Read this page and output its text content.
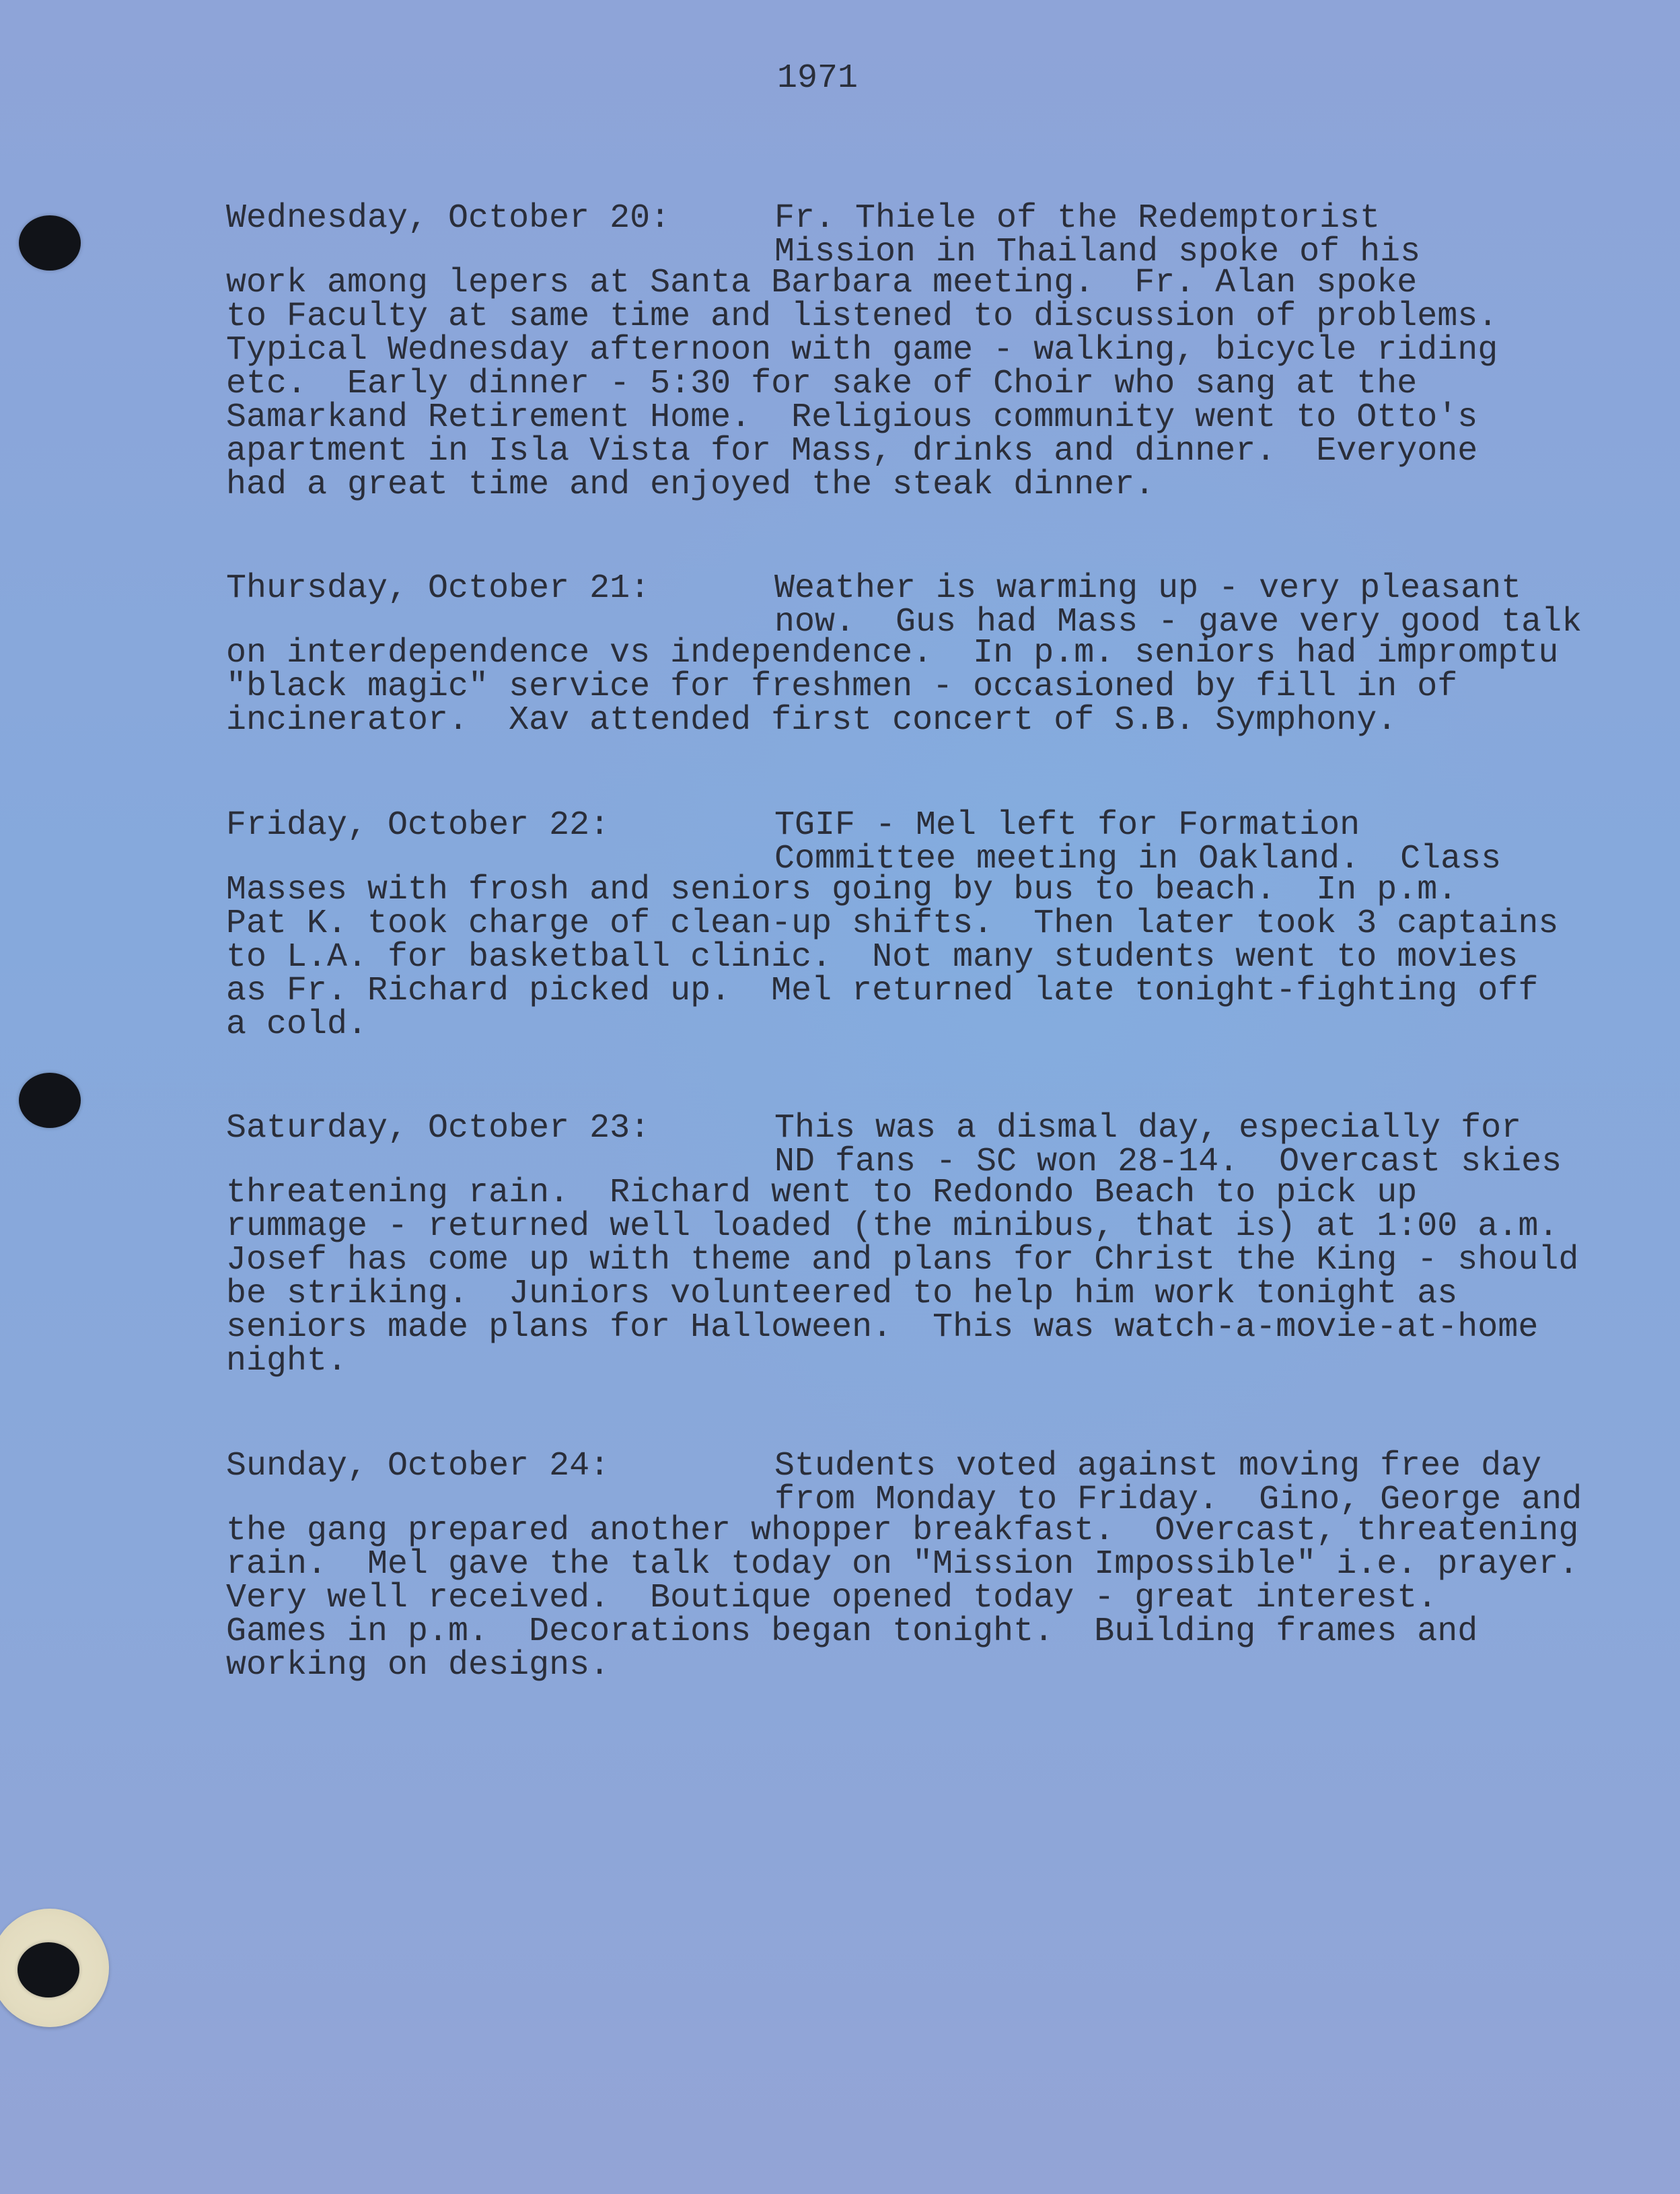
1971
Wednesday, October 20:	Fr. Thiele of the Redemptorist
Mission in Thailand spoke of his
work among lepers at Santa Barbara meeting.  Fr. Alan spoke
to Faculty at same time and listened to discussion of problems.
Typical Wednesday afternoon with game - walking, bicycle riding
etc.  Early dinner - 5:30 for sake of Choir who sang at the
Samarkand Retirement Home.  Religious community went to Otto's
apartment in Isla Vista for Mass, drinks and dinner.  Everyone
had a great time and enjoyed the steak dinner.
Thursday, October 21:	Weather is warming up - very pleasant
now.  Gus had Mass - gave very good talk
on interdependence vs independence.  In p.m. seniors had impromptu
"black magic" service for freshmen - occasioned by fill in of
incinerator.  Xav attended first concert of S.B. Symphony.
Friday, October 22:	TGIF - Mel left for Formation
Committee meeting in Oakland.  Class
Masses with frosh and seniors going by bus to beach.  In p.m.
Pat K. took charge of clean-up shifts.  Then later took 3 captains
to L.A. for basketball clinic.  Not many students went to movies
as Fr. Richard picked up.  Mel returned late tonight-fighting off
a cold.
Saturday, October 23:	This was a dismal day, especially for
ND fans - SC won 28-14.  Overcast skies
threatening rain.  Richard went to Redondo Beach to pick up
rummage - returned well loaded (the minibus, that is) at 1:00 a.m.
Josef has come up with theme and plans for Christ the King - should
be striking.  Juniors volunteered to help him work tonight as
seniors made plans for Halloween.  This was watch-a-movie-at-home
night.
Sunday, October 24:	Students voted against moving free day
from Monday to Friday.  Gino, George and
the gang prepared another whopper breakfast.  Overcast, threatening
rain.  Mel gave the talk today on "Mission Impossible" i.e. prayer.
Very well received.  Boutique opened today - great interest.
Games in p.m.  Decorations began tonight.  Building frames and
working on designs.
